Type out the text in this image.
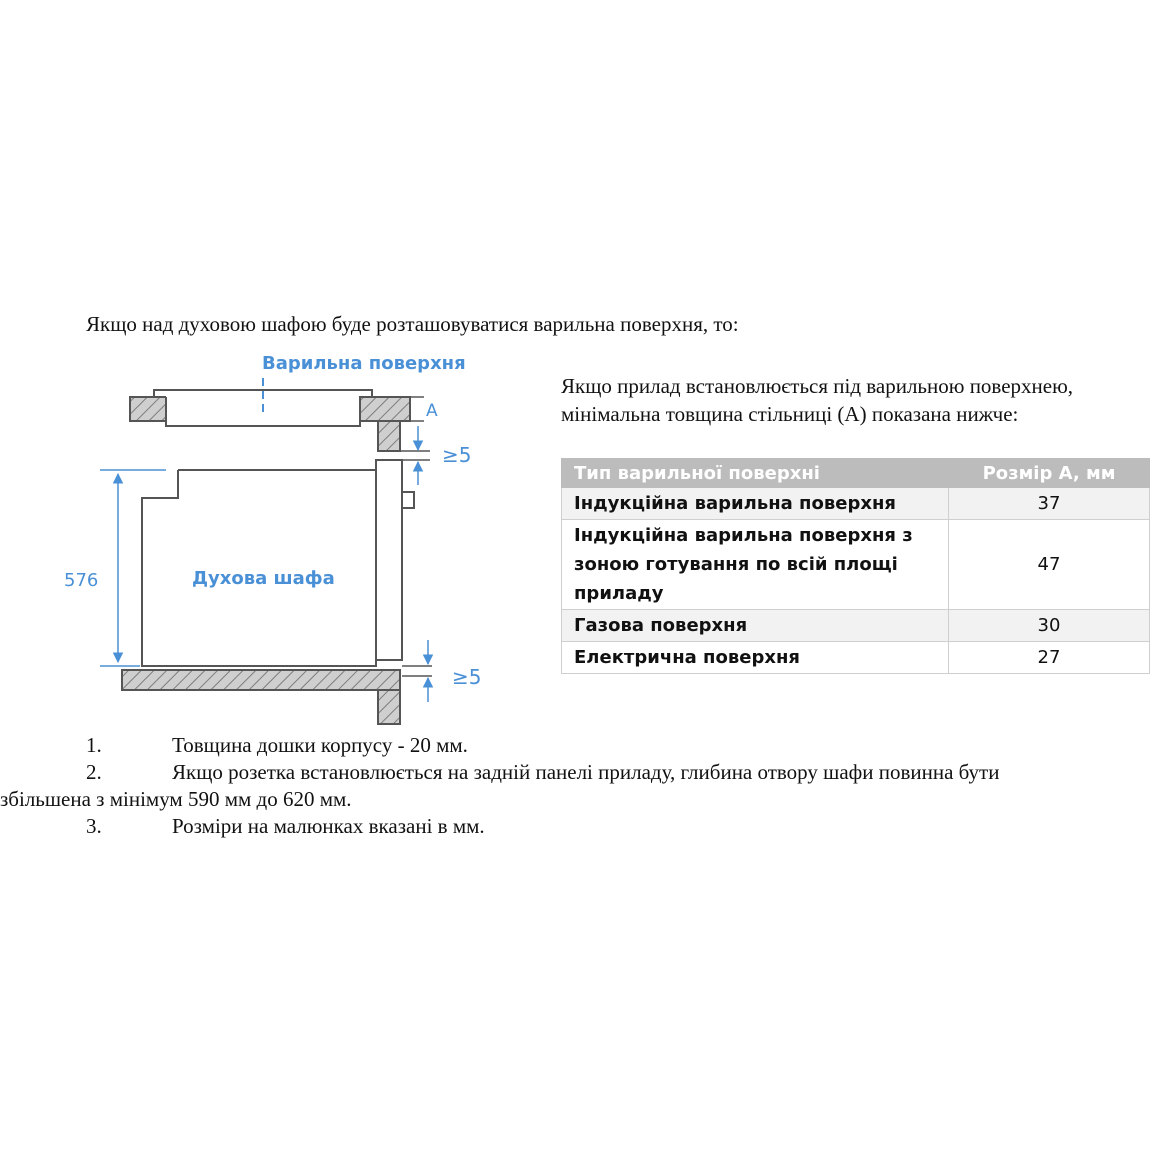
Якщо над духовою шафою буде розташовуватися варильна поверхня, то:
Варильна поверхня
A
≥5
Духова шафа
576
≥5
Якщо прилад встановлюється під варильною поверхнею,
мінімальна товщина стільниці (A) показана нижче:
Тип варильної поверхні	Розмір A, мм

Індукційна варильна поверхня	37

Індукційна варильна поверхня з
зоною готування по всій площі
приладу	47

Газова поверхня	30

Електрична поверхня	27
1.	Товщина дошки корпусу - 20 мм.
2.	Якщо розетка встановлюється на задній панелі приладу, глибина отвору шафи повинна бути
збільшена з мінімум 590 мм до 620 мм.
3.	Розміри на малюнках вказані в мм.
